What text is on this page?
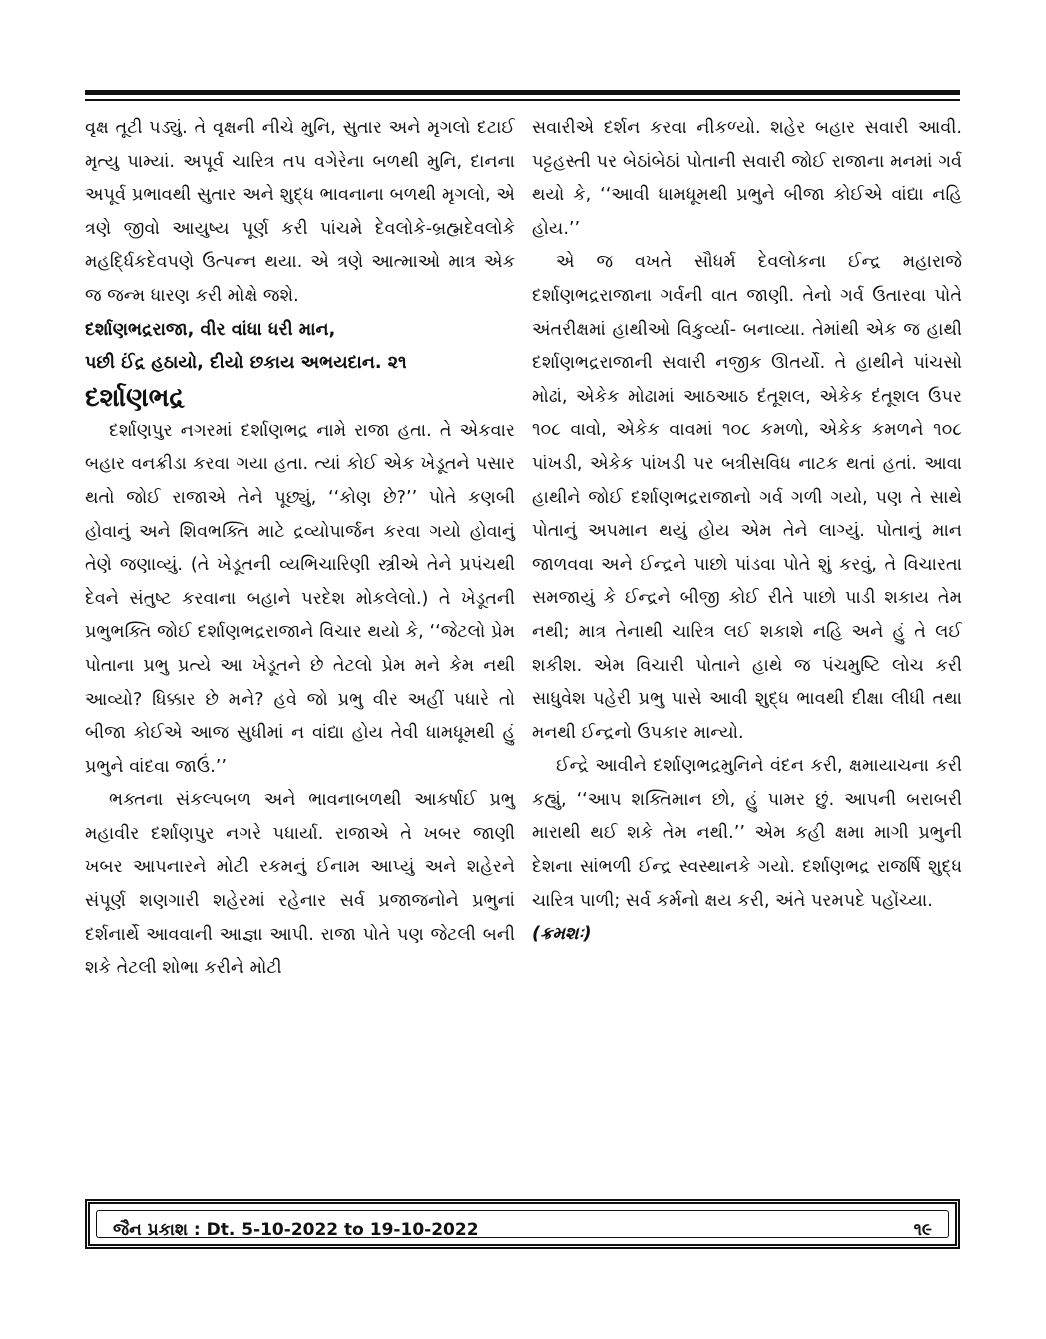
વૃક્ષ તૂટી પડ્યું. તે વૃક્ષની નીચે મુનિ, સુતાર અને મૃગલો દટાઈ મૃત્યુ પામ્યાં. અપૂર્વ ચારિત્ર તપ વગેરેના બળથી મુનિ, દાનના અપૂર્વ પ્રભાવથી સુતાર અને શુદ્ધ ભાવનાના બળથી મૃગલો, એ ત્રણે જીવો આયુષ્ય પૂર્ણ કરી પાંચમે દેવલોકે-બ્રહ્મદેવલોકે મહર્દ્ધિકદેવપણે ઉત્પન્ન થયા. એ ત્રણે આત્માઓ માત્ર એક જ જન્મ ધારણ કરી મોક્ષે જશે.

દર્શાણભદ્રરાજા, વીર વાંધા ધરી માન,

પછી ઈંદ્ર હઠાયો, દીયો છકાય અભયદાન. ૨૧

દર્શાણભદ્ર

દર્શાણપુર નગરમાં દર્શાણભદ્ર નામે રાજા હતા. તે એકવાર બહાર વનક્રીડા કરવા ગયા હતા. ત્યાં કોઈ એક ખેડૂતને પસાર થતો જોઈ રાજાએ તેને પૂછ્યું, ‘‘કોણ છે?’’ પોતે કણબી હોવાનું અને શિવભક્તિ માટે દ્રવ્યોપાર્જન કરવા ગયો હોવાનું તેણે જણાવ્યું. (તે ખેડૂતની વ્યભિચારિણી સ્ત્રીએ તેને પ્રપંચથી દેવને સંતુષ્ટ કરવાના બહાને પરદેશ મોકલેલો.) તે ખેડૂતની પ્રભુભક્તિ જોઈ દર્શાણભદ્રરાજાને વિચાર થયો કે, ‘‘જેટલો પ્રેમ પોતાના પ્રભુ પ્રત્યે આ ખેડૂતને છે તેટલો પ્રેમ મને કેમ નથી આવ્યો? ધિક્કાર છે મને? હવે જો પ્રભુ વીર અહીં પધારે તો બીજા કોઈએ આજ સુધીમાં ન વાંદ્યા હોય તેવી ધામધૂમથી હું પ્રભુને વાંદવા જાઉં.’’

ભક્તના સંકલ્પબળ અને ભાવનાબળથી આકર્ષાઈ પ્રભુ મહાવીર દર્શાણપુર નગરે પધાર્યા. રાજાએ તે ખબર જાણી ખબર આપનારને મોટી રકમનું ઈનામ આપ્યું અને શહેરને સંપૂર્ણ શણગારી શહેરમાં રહેનાર સર્વ પ્રજાજનોને પ્રભુનાં દર્શનાર્થે આવવાની આજ્ઞા આપી. રાજા પોતે પણ જેટલી બની શકે તેટલી શોભા કરીને મોટી

સવારીએ દર્શન કરવા નીકળ્યો. શહેર બહાર સવારી આવી. પટ્ટહસ્તી પર બેઠાંબેઠાં પોતાની સવારી જોઈ રાજાના મનમાં ગર્વ થયો કે, ‘‘આવી ધામધૂમથી પ્રભુને બીજા કોઈએ વાંદ્યા નહિ હોય.’’

એ જ વખતે સૌધર્મ દેવલોકના ઈન્દ્ર મહારાજે દર્શાણભદ્રરાજાના ગર્વની વાત જાણી. તેનો ગર્વ ઉતારવા પોતે અંતરીક્ષમાં હાથીઓ વિકુર્વ્યા- બનાવ્યા. તેમાંથી એક જ હાથી દર્શાણભદ્રરાજાની સવારી નજીક ઊતર્યો. તે હાથીને પાંચસો મોઢાં, એકેક મોઢામાં આઠઆઠ દંતૂશલ, એકેક દંતૂશલ ઉપર ૧૦૮ વાવો, એકેક વાવમાં ૧૦૮ કમળો, એકેક કમળને ૧૦૮ પાંખડી, એકેક પાંખડી પર બત્રીસવિધ નાટક થતાં હતાં. આવા હાથીને જોઈ દર્શાણભદ્રરાજાનો ગર્વ ગળી ગયો, પણ તે સાથે પોતાનું અપમાન થયું હોય એમ તેને લાગ્યું. પોતાનું માન જાળવવા અને ઈન્દ્રને પાછો પાંડવા પોતે શું કરવું, તે વિચારતા સમજાયું કે ઈન્દ્રને બીજી કોઈ રીતે પાછો પાડી શકાય તેમ નથી; માત્ર તેનાથી ચારિત્ર લઈ શકાશે નહિ અને હું તે લઈ શકીશ. એમ વિચારી પોતાને હાથે જ પંચમુષ્ટિ લોચ કરી સાધુવેશ પહેરી પ્રભુ પાસે આવી શુદ્ધ ભાવથી દીક્ષા લીધી તથા મનથી ઈન્દ્રનો ઉપકાર માન્યો.

ઈન્દ્રે આવીને દર્શાણભદ્રમુનિને વંદન કરી, ક્ષમાયાચના કરી કહ્યું, ‘‘આપ શક્તિમાન છો, હું પામર છું. આપની બરાબરી મારાથી થઈ શકે તેમ નથી.’’ એમ કહી ક્ષમા માગી પ્રભુની દેશના સાંભળી ઈન્દ્ર સ્વસ્થાનકે ગયો. દર્શાણભદ્ર રાજર્ષિ શુદ્ધ ચારિત્ર પાળી; સર્વ કર્મનો ક્ષય કરી, અંતે પરમપદે પહોંચ્યા.

(ક્રમશઃ)

જૈન પ્રકાશ : Dt. 5-10-2022 to 19-10-2022	૧૯
